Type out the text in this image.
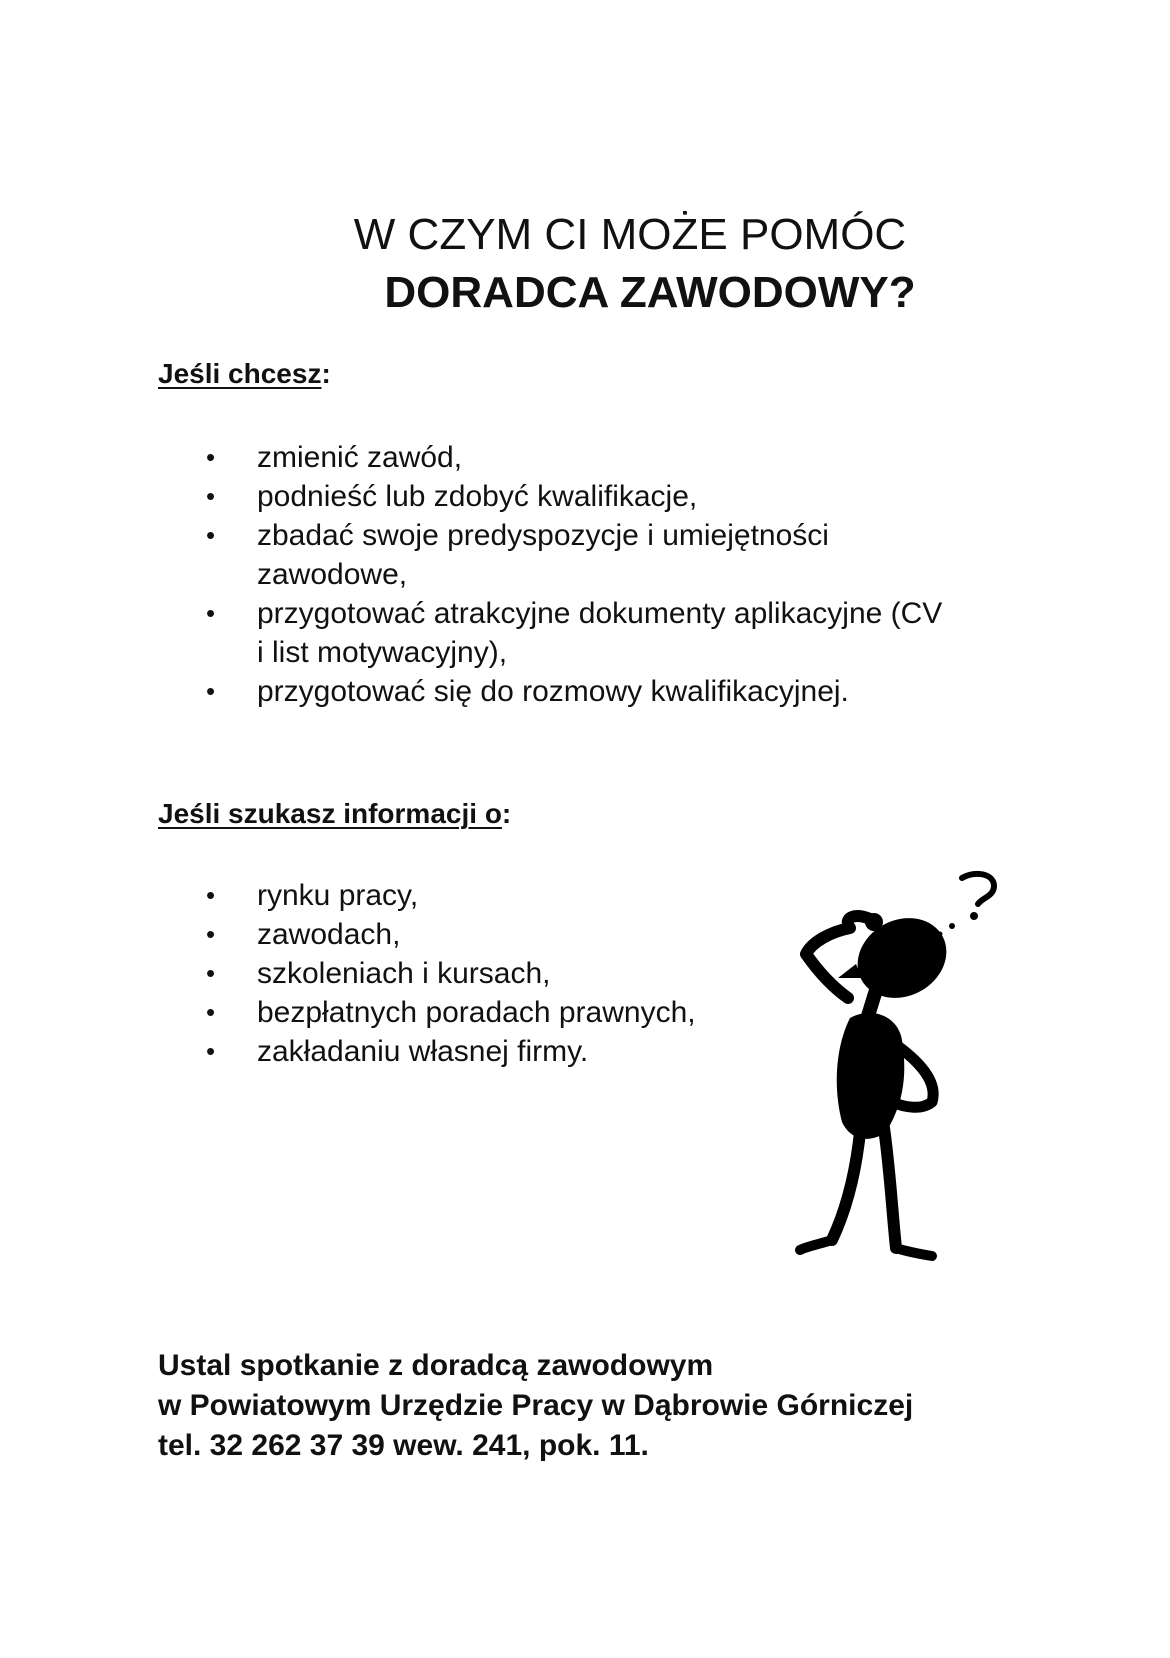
W CZYM CI MOŻE POMÓC
DORADCA ZAWODOWY?
Jeśli chcesz:
• zmienić zawód,
• podnieść lub zdobyć kwalifikacje,
• zbadać swoje predyspozycje i umiejętności zawodowe,
• przygotować atrakcyjne dokumenty aplikacyjne (CV i list motywacyjny),
• przygotować się do rozmowy kwalifikacyjnej.
Jeśli szukasz informacji o:
• rynku pracy,
• zawodach,
• szkoleniach i kursach,
• bezpłatnych poradach prawnych,
• zakładaniu własnej firmy.
Ustal spotkanie z doradcą zawodowym
w Powiatowym Urzędzie Pracy w Dąbrowie Górniczej
tel. 32 262 37 39 wew. 241, pok. 11.
